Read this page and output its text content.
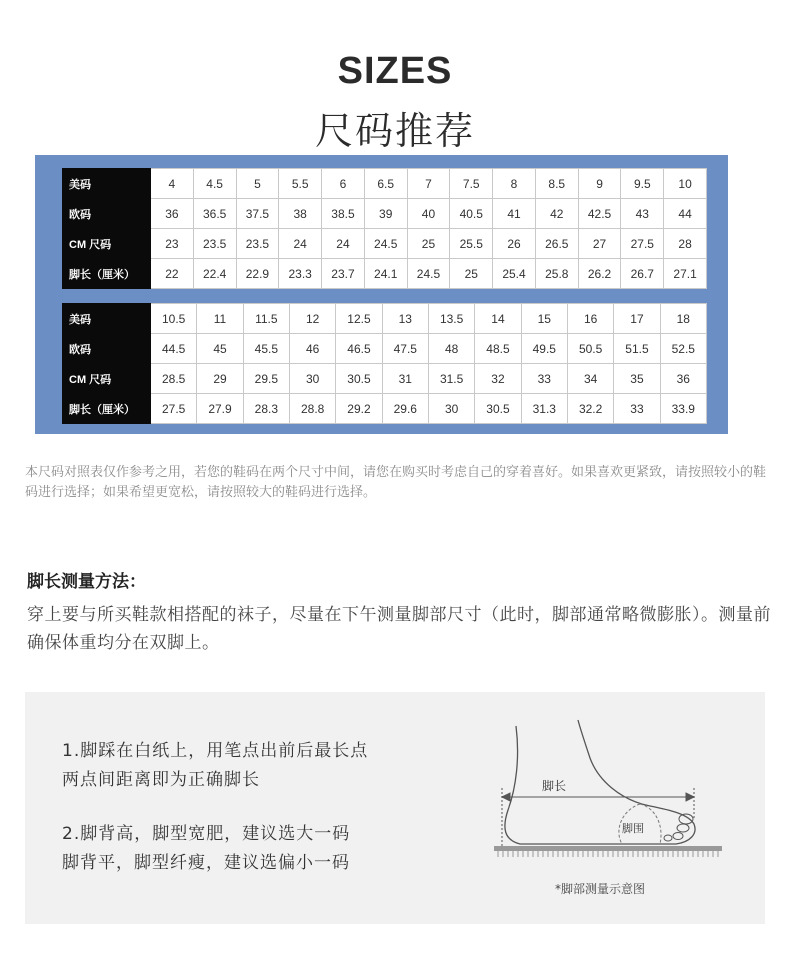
SIZES
尺码推荐
美码	4	4.5	5	5.5	6	6.5	7	7.5	8	8.5	9	9.5	10
欧码	36	36.5	37.5	38	38.5	39	40	40.5	41	42	42.5	43	44
CM 尺码	23	23.5	23.5	24	24	24.5	25	25.5	26	26.5	27	27.5	28
脚长（厘米）	22	22.4	22.9	23.3	23.7	24.1	24.5	25	25.4	25.8	26.2	26.7	27.1
美码	10.5	11	11.5	12	12.5	13	13.5	14	15	16	17	18
欧码	44.5	45	45.5	46	46.5	47.5	48	48.5	49.5	50.5	51.5	52.5
CM 尺码	28.5	29	29.5	30	30.5	31	31.5	32	33	34	35	36
脚长（厘米）	27.5	27.9	28.3	28.8	29.2	29.6	30	30.5	31.3	32.2	33	33.9
本尺码对照表仅作参考之用，若您的鞋码在两个尺寸中间，请您在购买时考虑自己的穿着喜好。如果喜欢更紧致，请按照较小的鞋码进行选择；如果希望更宽松，请按照较大的鞋码进行选择。
脚长测量方法：
穿上要与所买鞋款相搭配的袜子，尽量在下午测量脚部尺寸（此时，脚部通常略微膨胀）。测量前确保体重均分在双脚上。
1.脚踩在白纸上，用笔点出前后最长点
两点间距离即为正确脚长
2.脚背高，脚型宽肥，建议选大一码
脚背平，脚型纤瘦，建议选偏小一码
脚长
脚围
*脚部测量示意图
